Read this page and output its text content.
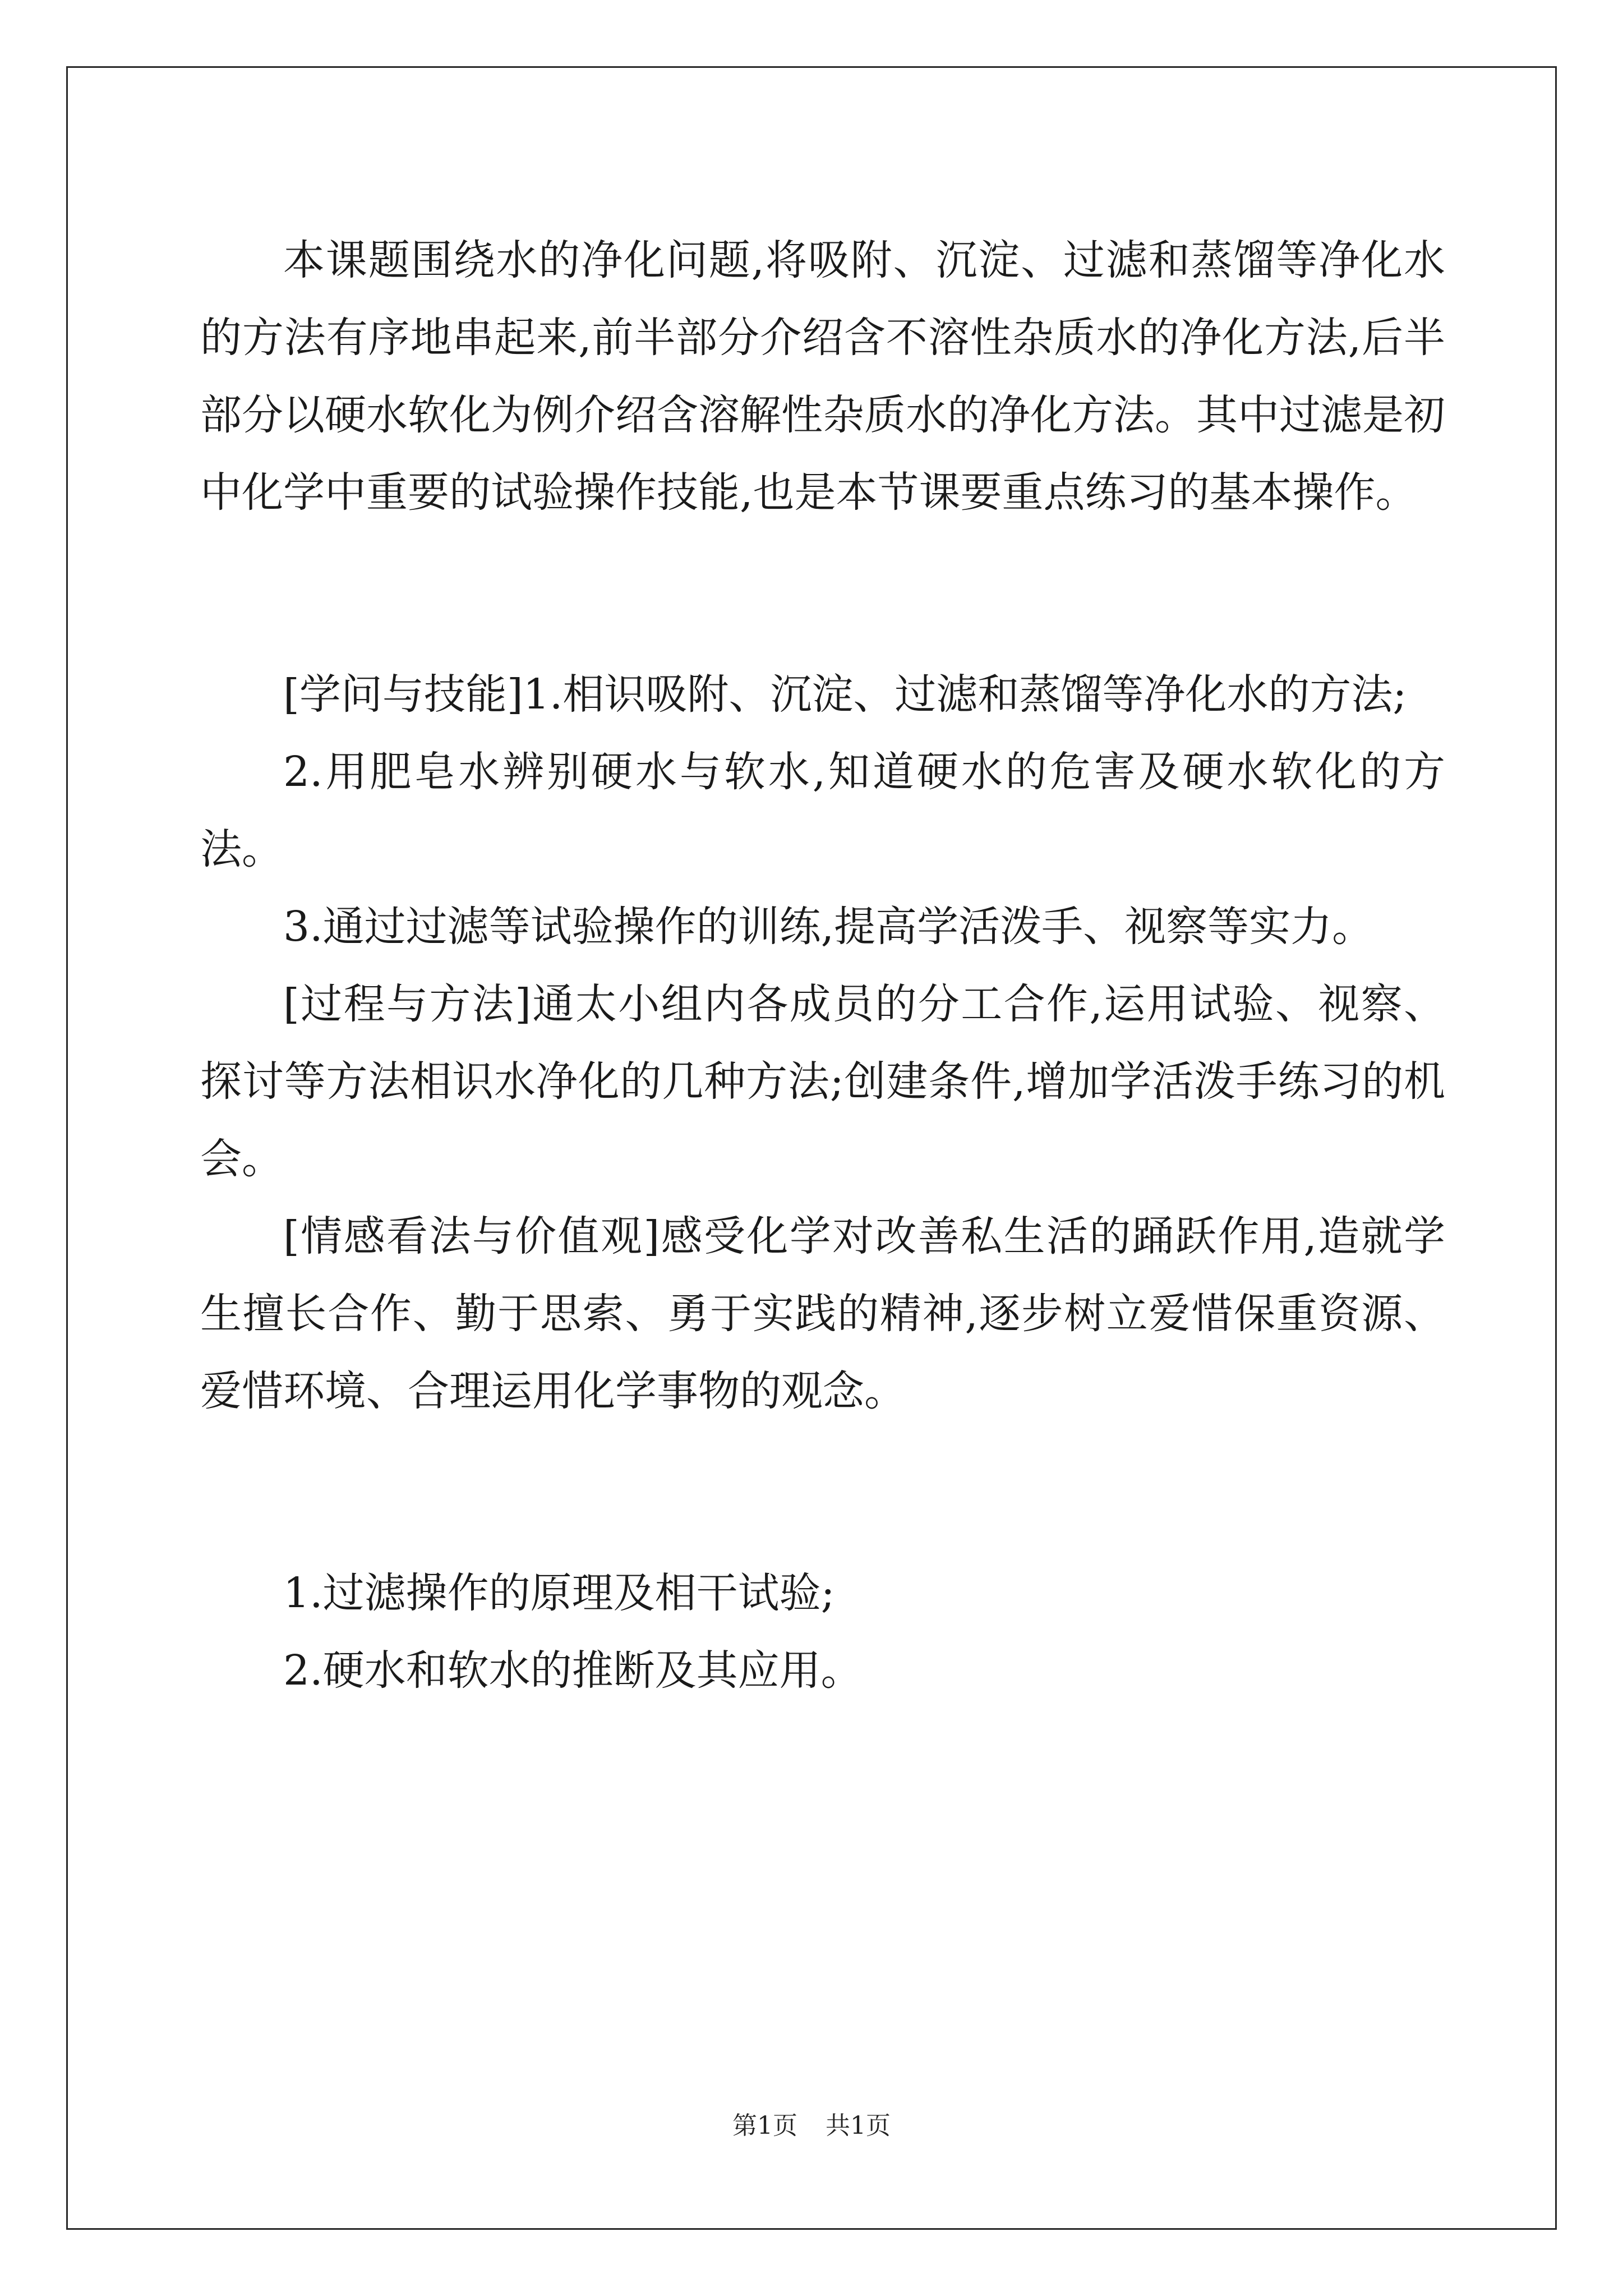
本课题围绕水的净化问题,将吸附、沉淀、过滤和蒸馏等净化水的方法有序地串起来,前半部分介绍含不溶性杂质水的净化方法,后半部分以硬水软化为例介绍含溶解性杂质水的净化方法。其中过滤是初中化学中重要的试验操作技能,也是本节课要重点练习的基本操作。

[学问与技能]1.相识吸附、沉淀、过滤和蒸馏等净化水的方法;

2.用肥皂水辨别硬水与软水,知道硬水的危害及硬水软化的方法。

3.通过过滤等试验操作的训练,提高学活泼手、视察等实力。

[过程与方法]通太小组内各成员的分工合作,运用试验、视察、探讨等方法相识水净化的几种方法;创建条件,增加学活泼手练习的机会。

[情感看法与价值观]感受化学对改善私生活的踊跃作用,造就学生擅长合作、勤于思索、勇于实践的精神,逐步树立爱惜保重资源、爱惜环境、合理运用化学事物的观念。

1.过滤操作的原理及相干试验;

2.硬水和软水的推断及其应用。

第1页 共1页
